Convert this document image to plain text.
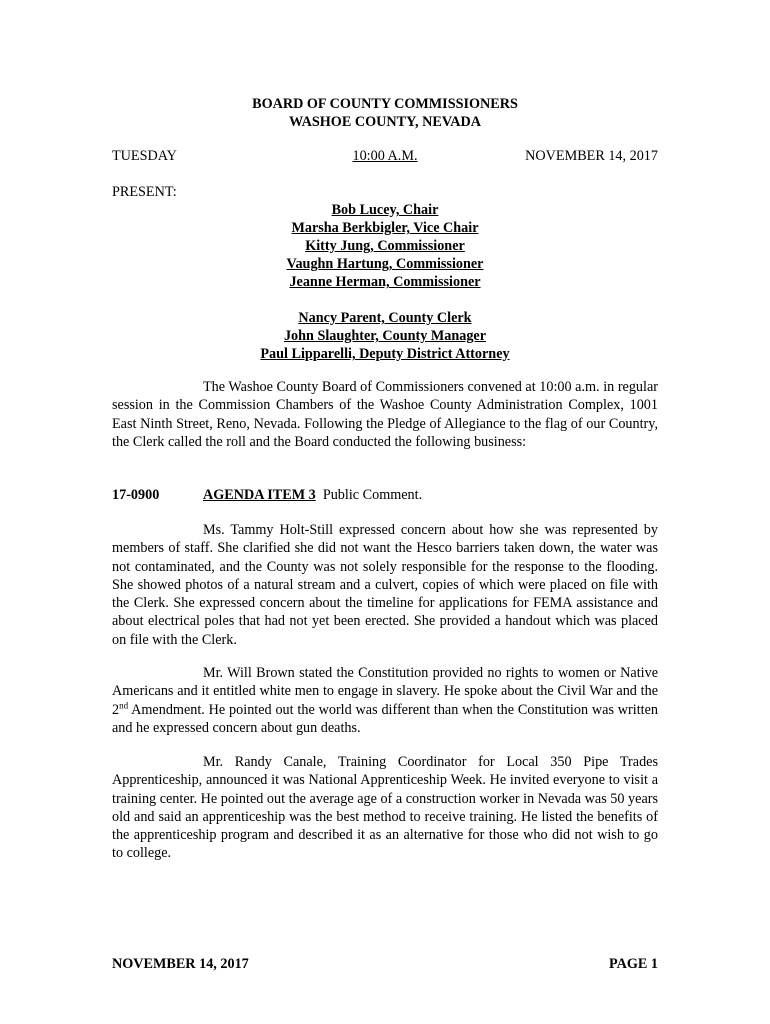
BOARD OF COUNTY COMMISSIONERS
WASHOE COUNTY, NEVADA
TUESDAY	10:00 A.M.	NOVEMBER 14, 2017
PRESENT:
Bob Lucey, Chair
Marsha Berkbigler, Vice Chair
Kitty Jung, Commissioner
Vaughn Hartung, Commissioner
Jeanne Herman, Commissioner
Nancy Parent, County Clerk
John Slaughter, County Manager
Paul Lipparelli, Deputy District Attorney
The Washoe County Board of Commissioners convened at 10:00 a.m. in regular session in the Commission Chambers of the Washoe County Administration Complex, 1001 East Ninth Street, Reno, Nevada. Following the Pledge of Allegiance to the flag of our Country, the Clerk called the roll and the Board conducted the following business:
17-0900	AGENDA ITEM 3 Public Comment.
Ms. Tammy Holt-Still expressed concern about how she was represented by members of staff. She clarified she did not want the Hesco barriers taken down, the water was not contaminated, and the County was not solely responsible for the response to the flooding. She showed photos of a natural stream and a culvert, copies of which were placed on file with the Clerk. She expressed concern about the timeline for applications for FEMA assistance and about electrical poles that had not yet been erected. She provided a handout which was placed on file with the Clerk.
Mr. Will Brown stated the Constitution provided no rights to women or Native Americans and it entitled white men to engage in slavery. He spoke about the Civil War and the 2nd Amendment. He pointed out the world was different than when the Constitution was written and he expressed concern about gun deaths.
Mr. Randy Canale, Training Coordinator for Local 350 Pipe Trades Apprenticeship, announced it was National Apprenticeship Week. He invited everyone to visit a training center. He pointed out the average age of a construction worker in Nevada was 50 years old and said an apprenticeship was the best method to receive training. He listed the benefits of the apprenticeship program and described it as an alternative for those who did not wish to go to college.
NOVEMBER 14, 2017	PAGE 1
